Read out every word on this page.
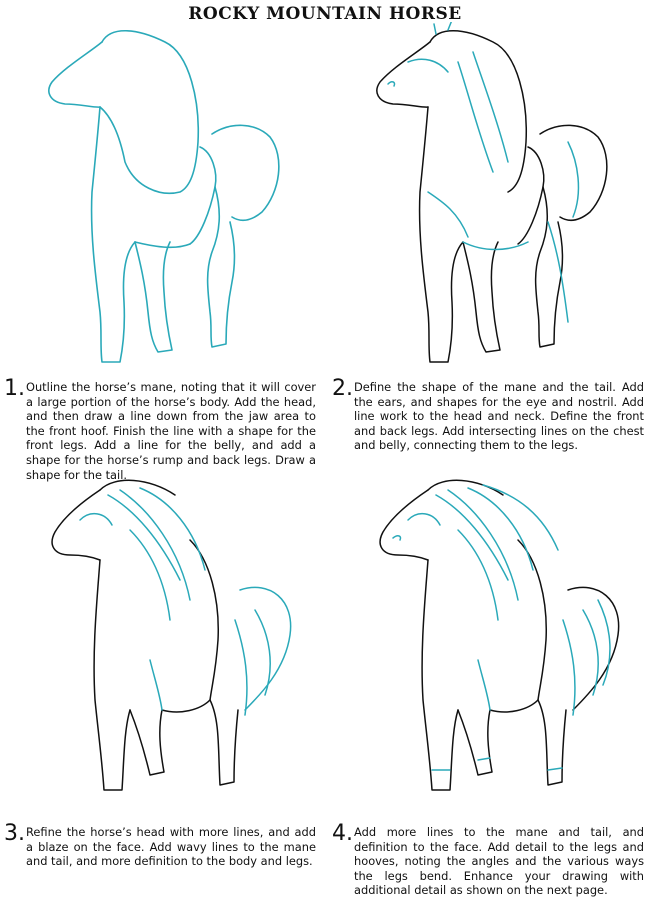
ROCKY MOUNTAIN HORSE
1. Outline the horse’s mane, noting that it will cover a large portion of the horse’s body. Add the head, and then draw a line down from the jaw area to the front hoof. Finish the line with a shape for the front legs. Add a line for the belly, and add a shape for the horse’s rump and back legs. Draw a shape for the tail.
2. Define the shape of the mane and the tail. Add the ears, and shapes for the eye and nostril. Add line work to the head and neck. Define the front and back legs. Add intersecting lines on the chest and belly, connecting them to the legs.
3. Refine the horse’s head with more lines, and add a blaze on the face. Add wavy lines to the mane and tail, and more definition to the body and legs.
4. Add more lines to the mane and tail, and definition to the face. Add detail to the legs and hooves, noting the angles and the various ways the legs bend. Enhance your drawing with additional detail as shown on the next page.
